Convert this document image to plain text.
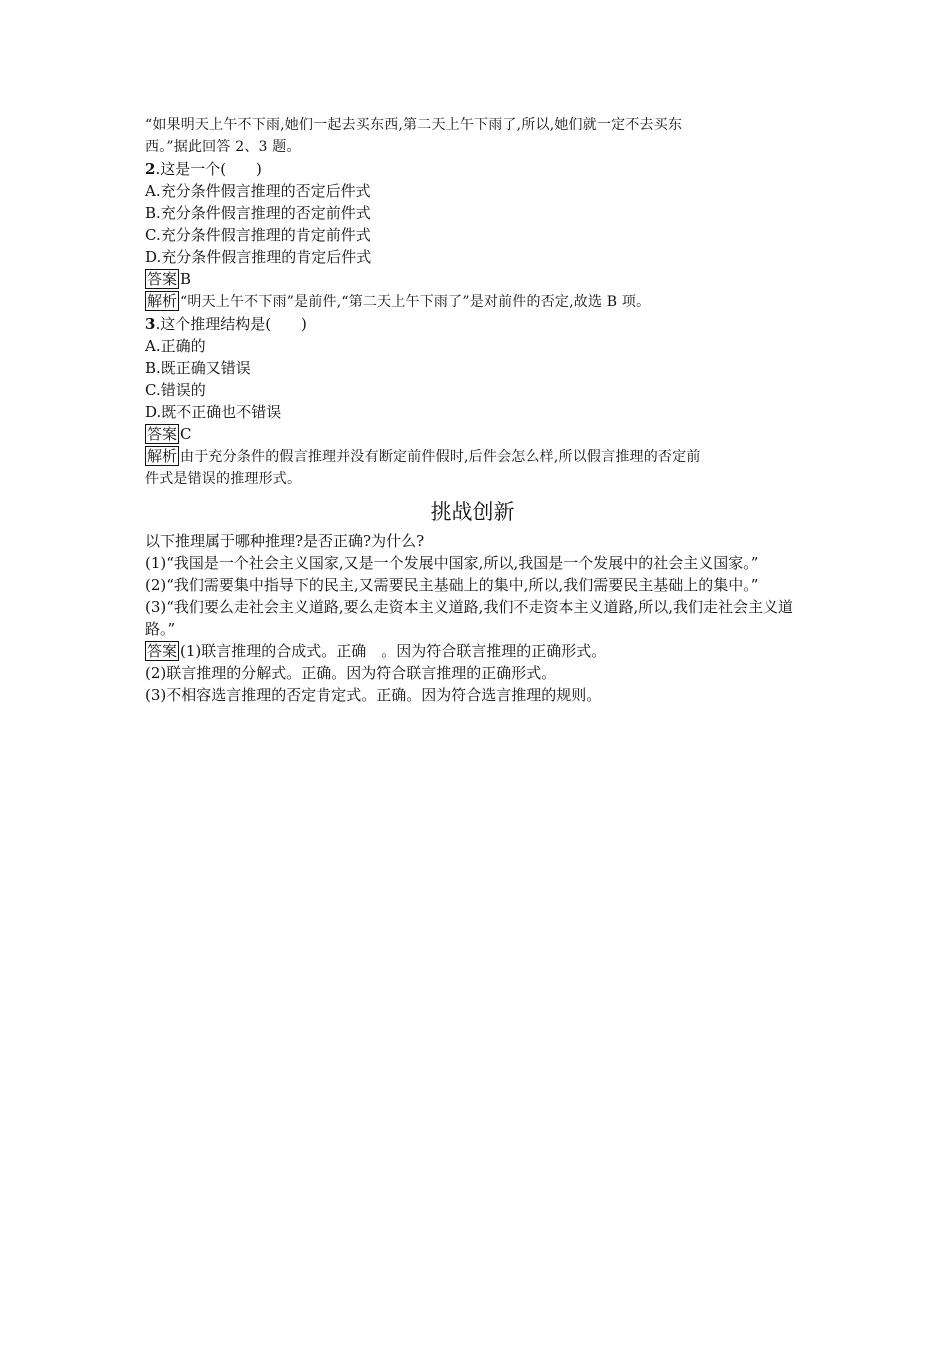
“如果明天上午不下雨,她们一起去买东西,第二天上午下雨了,所以,她们就一定不去买东
西。”据此回答 2、3 题。
2.这是一个(　　)
A.充分条件假言推理的否定后件式
B.充分条件假言推理的否定前件式
C.充分条件假言推理的肯定前件式
D.充分条件假言推理的肯定后件式
答案 B
解析 “明天上午不下雨”是前件,“第二天上午下雨了”是对前件的否定,故选 B 项。
3.这个推理结构是(　　)
A.正确的
B.既正确又错误
C.错误的
D.既不正确也不错误
答案 C
解析 由于充分条件的假言推理并没有断定前件假时,后件会怎么样,所以假言推理的否定前
件式是错误的推理形式。
挑战创新
以下推理属于哪种推理?是否正确?为什么?
(1)“我国是一个社会主义国家,又是一个发展中国家,所以,我国是一个发展中的社会主义国家。”
(2)“我们需要集中指导下的民主,又需要民主基础上的集中,所以,我们需要民主基础上的集中。”
(3)“我们要么走社会主义道路,要么走资本主义道路,我们不走资本主义道路,所以,我们走社会主义道路。”
答案 (1)联言推理的合成式。正确　。因为符合联言推理的正确形式。
(2)联言推理的分解式。正确。因为符合联言推理的正确形式。
(3)不相容选言推理的否定肯定式。正确。因为符合选言推理的规则。
